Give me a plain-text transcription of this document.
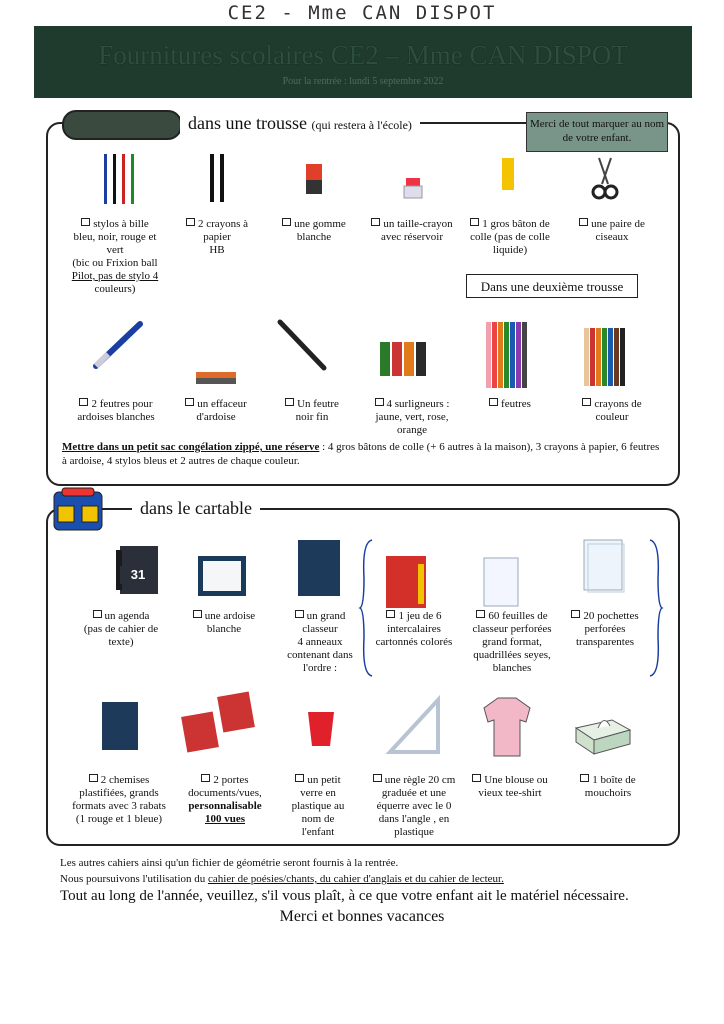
CE2 - Mme CAN DISPOT
Fournitures scolaires CE2 – Mme CAN DISPOT
Pour la rentrée : lundi 5 septembre 2022
dans une trousse (qui restera à l'école)	Merci de tout marquer au nom de votre enfant.
stylos à bille
bleu, noir, rouge et
vert
(bic ou Frixion ball
Pilot, pas de stylo 4
couleurs)
2 crayons à
papier
HB
une gomme
blanche
un taille-crayon
avec réservoir
1 gros bâton de
colle (pas de colle
liquide)
une paire de
ciseaux
Dans une deuxième trousse
2 feutres pour
ardoises blanches
un effaceur
d'ardoise
Un feutre
noir fin
4 surligneurs :
jaune, vert, rose,
orange
feutres	crayons de
couleur
Mettre dans un petit sac congélation zippé, une réserve : 4 gros bâtons de colle (+ 6 autres à la maison), 3 crayons à papier, 6 feutres à ardoise, 4 stylos bleus et 2 autres de chaque couleur.
dans le cartable
31
un agenda
(pas de cahier de
texte)
une ardoise
blanche
un grand
classeur
4 anneaux
contenant dans
l'ordre :
1 jeu de 6
intercalaires
cartonnés colorés
60 feuilles de
classeur perforées
grand format,
quadrillées seyes,
blanches
20 pochettes
perforées
transparentes
2 chemises
plastifiées, grands
formats avec 3 rabats
(1 rouge et 1 bleue)
2 portes
documents/vues,
personnalisable
100 vues
un petit
verre en
plastique au
nom de
l'enfant
une règle 20 cm
graduée et une
équerre avec le 0
dans l'angle , en
plastique
Une blouse ou
vieux tee-shirt
1 boîte de
mouchoirs
Les autres cahiers ainsi qu'un fichier de géométrie seront fournis à la rentrée.
Nous poursuivons l'utilisation du cahier de poésies/chants, du cahier d'anglais et du cahier de lecteur.
Tout au long de l'année, veuillez, s'il vous plaît, à ce que votre enfant ait le matériel nécessaire.
Merci et bonnes vacances
